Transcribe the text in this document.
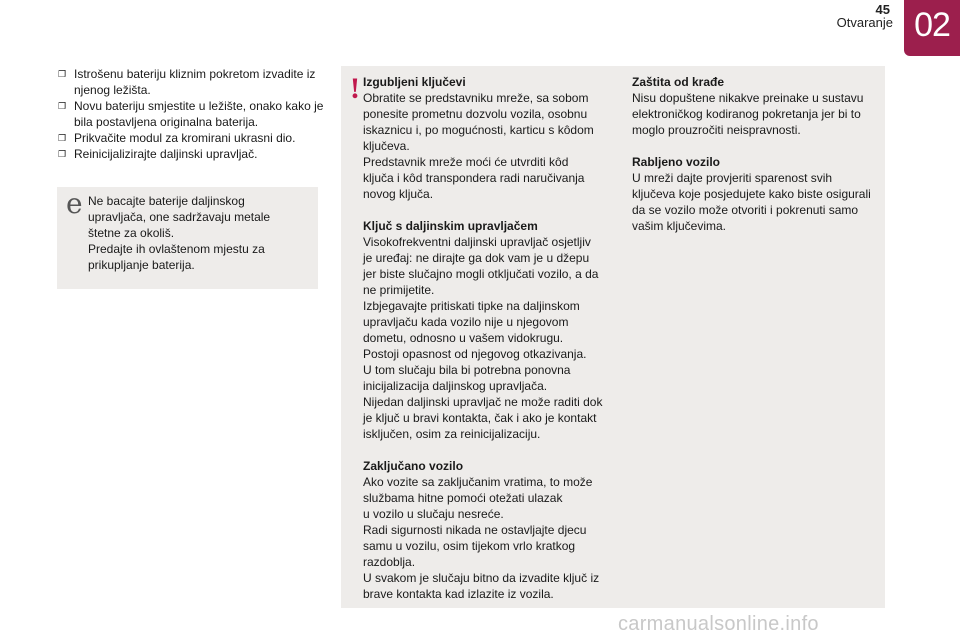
45
Otvaranje 02
❒ Istrošenu bateriju kliznim pokretom izvadite iz njenog ležišta.
❒ Novu bateriju smjestite u ležište, onako kako je bila postavljena originalna baterija.
❒ Prikvačite modul za kromirani ukrasni dio.
❒ Reinicijalizirajte daljinski upravljač.
e Ne bacajte baterije daljinskog
upravljača, one sadržavaju metale
štetne za okoliš.
Predajte ih ovlaštenom mjestu za
prikupljanje baterija.
! Izgubljeni ključevi
Obratite se predstavniku mreže, sa sobom
ponesite prometnu dozvolu vozila, osobnu
iskaznicu i, po mogućnosti, karticu s kôdom
ključeva.
Predstavnik mreže moći će utvrditi kôd
ključa i kôd transpondera radi naručivanja
novog ključa.
Ključ s daljinskim upravljačem
Visokofrekventni daljinski upravljač osjetljiv
je uređaj: ne dirajte ga dok vam je u džepu
jer biste slučajno mogli otključati vozilo, a da
ne primijetite.
Izbjegavajte pritiskati tipke na daljinskom
upravljaču kada vozilo nije u njegovom
dometu, odnosno u vašem vidokrugu.
Postoji opasnost od njegovog otkazivanja.
U tom slučaju bila bi potrebna ponovna
inicijalizacija daljinskog upravljača.
Nijedan daljinski upravljač ne može raditi dok
je ključ u bravi kontakta, čak i ako je kontakt
isključen, osim za reinicijalizaciju.
Zaključano vozilo
Ako vozite sa zaključanim vratima, to može
službama hitne pomoći otežati ulazak
u vozilo u slučaju nesreće.
Radi sigurnosti nikada ne ostavljajte djecu
samu u vozilu, osim tijekom vrlo kratkog
razdoblja.
U svakom je slučaju bitno da izvadite ključ iz
brave kontakta kad izlazite iz vozila.
Zaštita od krađe
Nisu dopuštene nikakve preinake u sustavu
elektroničkog kodiranog pokretanja jer bi to
moglo prouzročiti neispravnosti.
Rabljeno vozilo
U mreži dajte provjeriti sparenost svih
ključeva koje posjedujete kako biste osigurali
da se vozilo može otvoriti i pokrenuti samo
vašim ključevima.
carmanualsonline.info
